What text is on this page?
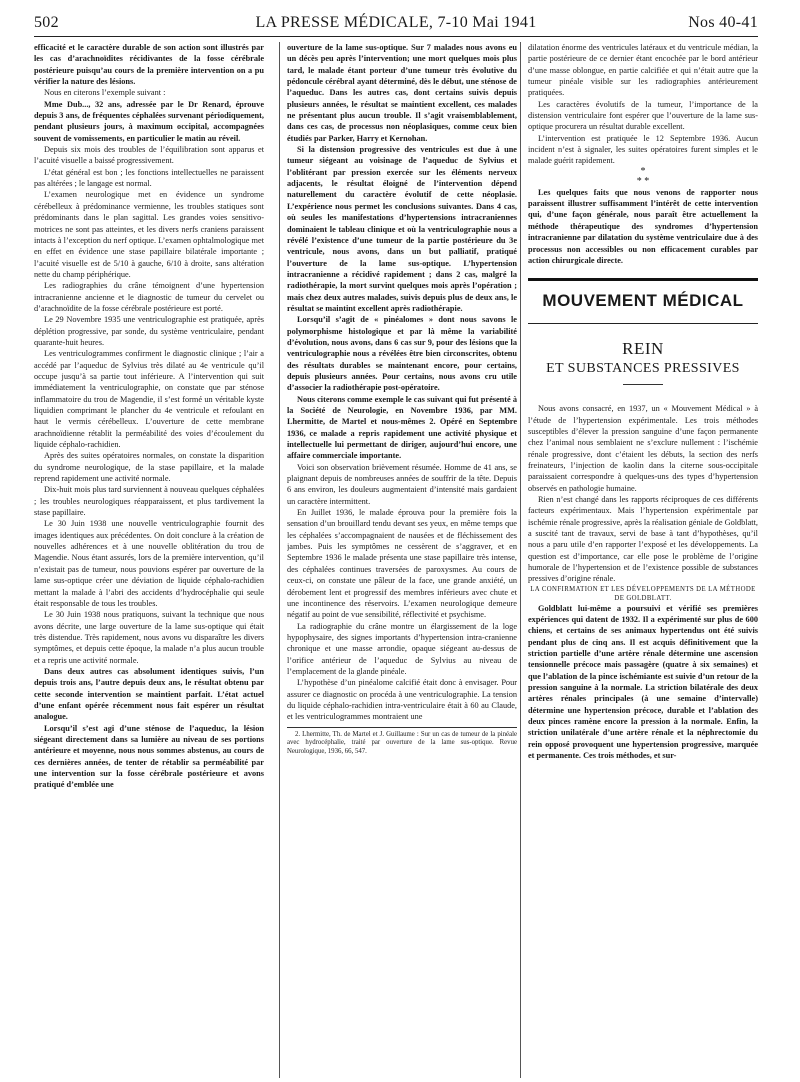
502	LA PRESSE MÉDICALE, 7-10 Mai 1941	Nos 40-41

efficacité et le caractère durable de son action sont illustrés par les cas d’arachnoïdites récidivantes de la fosse cérébrale postérieure puisqu’au cours de la première intervention on a pu vérifier la nature des lésions.

Nous en citerons l’exemple suivant :

Mme Dub..., 32 ans, adressée par le Dr Renard, éprouve depuis 3 ans, de fréquentes céphalées survenant périodiquement, pendant plusieurs jours, à maximum occipital, accompagnées souvent de vomissements, en particulier le matin au réveil.

Depuis six mois des troubles de l’équilibration sont apparus et l’acuité visuelle a baissé progressivement.

L’état général est bon ; les fonctions intellectuelles ne paraissent pas altérées ; le langage est normal.

L’examen neurologique met en évidence un syndrome cérébelleux à prédominance vermienne, les troubles statiques sont prédominants dans le plan sagittal. Les grandes voies sensitivo-motrices ne sont pas atteintes, et les divers nerfs craniens paraissent intacts à l’exception du nerf optique. L’examen ophtalmologique met en effet en évidence une stase papillaire bilatérale importante ; l’acuité visuelle est de 5/10 à gauche, 6/10 à droite, sans altération nette du champ périphérique.

Les radiographies du crâne témoignent d’une hypertension intracranienne ancienne et le diagnostic de tumeur du cervelet ou d’arachnoïdite de la fosse cérébrale postérieure est porté.

Le 29 Novembre 1935 une ventriculographie est pratiquée, après déplétion progressive, par sonde, du système ventriculaire, pendant quarante-huit heures.

Les ventriculogrammes confirment le diagnostic clinique ; l’air a accédé par l’aqueduc de Sylvius très dilaté au 4e ventricule qu’il occupe jusqu’à sa partie tout inférieure. A l’intervention qui suit immédiatement la ventriculographie, on constate que par sténose inflammatoire du trou de Magendie, il s’est formé un véritable kyste liquidien comprimant le plancher du 4e ventricule et refoulant en haut le vermis cérébelleux. L’ouverture de cette membrane arachnoïdienne rétablit la perméabilité des voies d’écoulement du liquide céphalo-rachidien.

Après des suites opératoires normales, on constate la disparition du syndrome neurologique, de la stase papillaire, et la malade reprend rapidement une activité normale.

Dix-huit mois plus tard surviennent à nouveau quelques céphalées ; les troubles neurologiques réapparaissent, et plus tardivement la stase papillaire.

Le 30 Juin 1938 une nouvelle ventriculographie fournit des images identiques aux précédentes. On doit conclure à la création de nouvelles adhérences et à une nouvelle oblitération du trou de Magendie. Nous étant assurés, lors de la première intervention, qu’il n’existait pas de tumeur, nous pouvions espérer par ouverture de la lame sus-optique créer une déviation de liquide céphalo-rachidien mettant la malade à l’abri des accidents d’hydrocéphalie qui seule était responsable de tous les troubles.

Le 30 Juin 1938 nous pratiquons, suivant la technique que nous avons décrite, une large ouverture de la lame sus-optique qui était très distendue. Très rapidement, nous avons vu disparaître les divers symptômes, et depuis cette époque, la malade n’a plus aucun trouble et a repris une activité normale.

Dans deux autres cas absolument identiques suivis, l’un depuis trois ans, l’autre depuis deux ans, le résultat obtenu par cette seconde intervention se maintient parfait. L’état actuel d’une enfant opérée récemment nous fait espérer un résultat analogue.

Lorsqu’il s’est agi d’une sténose de l’aqueduc, la lésion siégeant directement dans sa lumière au niveau de ses portions antérieure et moyenne, nous nous sommes abstenus, au cours de ces dernières années, de tenter de rétablir sa perméabilité par une intervention sur la fosse cérébrale postérieure et avons pratiqué d’emblée une

ouverture de la lame sus-optique. Sur 7 malades nous avons eu un décès peu après l’intervention; une mort quelques mois plus tard, le malade étant porteur d’une tumeur très évolutive du pédoncule cérébral ayant déterminé, dès le début, une sténose de l’aqueduc. Dans les autres cas, dont certains suivis depuis plusieurs années, le résultat se maintient excellent, ces malades ne présentant plus aucun trouble. Il s’agit vraisemblablement, dans ces cas, de processus non néoplasiques, comme ceux bien étudiés par Parker, Harry et Kernohan.

Si la distension progressive des ventricules est due à une tumeur siégeant au voisinage de l’aqueduc de Sylvius et l’oblitérant par pression exercée sur les éléments nerveux adjacents, le résultat éloigné de l’intervention dépend naturellement du caractère évolutif de cette néoplasie. L’expérience nous permet les conclusions suivantes. Dans 4 cas, où seules les manifestations d’hypertensions intracraniennes dominaient le tableau clinique et où la ventriculographie nous a révélé l’existence d’une tumeur de la partie postérieure du 3e ventricule, nous avons, dans un but palliatif, pratiqué l’ouverture de la lame sus-optique. L’hypertension intracranienne a récidivé rapidement ; dans 2 cas, malgré la radiothérapie, la mort survint quelques mois après l’opération ; mais chez deux autres malades, suivis depuis plus de deux ans, le résultat se maintint excellent après radiothérapie.

Lorsqu’il s’agit de « pinéalomes » dont nous savons le polymorphisme histologique et par là même la variabilité d’évolution, nous avons, dans 6 cas sur 9, pour des lésions que la ventriculographie nous a révélées être bien circonscrites, obtenu des résultats durables se maintenant encore, pour certains, depuis plusieurs années. Pour certains, nous avons cru utile d’associer la radiothérapie post-opératoire.

Nous citerons comme exemple le cas suivant qui fut présenté à la Société de Neurologie, en Novembre 1936, par MM. Lhermitte, de Martel et nous-mêmes 2. Opéré en Septembre 1936, ce malade a repris rapidement une activité physique et intellectuelle lui permettant de diriger, aujourd’hui encore, une affaire commerciale importante.

Voici son observation brièvement résumée. Homme de 41 ans, se plaignant depuis de nombreuses années de souffrir de la tête. Depuis 6 ans environ, les douleurs augmentaient d’intensité mais gardaient un caractère intermittent.

En Juillet 1936, le malade éprouva pour la première fois la sensation d’un brouillard tendu devant ses yeux, en même temps que les céphalées s’accompagnaient de nausées et de fléchissement des jambes. Puis les symptômes ne cessèrent de s’aggraver, et en Septembre 1936 le malade présenta une stase papillaire très intense, des céphalées continues traversées de paroxysmes. Au cours de ceux-ci, on constate une pâleur de la face, une grande anxiété, un dérobement lent et progressif des membres inférieurs avec chute et une incontinence des réservoirs. L’examen neurologique demeure négatif au point de vue sensibilité, réflectivité et psychisme.

La radiographie du crâne montre un élargissement de la loge hypophysaire, des signes importants d’hypertension intra-cranienne chronique et une masse arrondie, opaque siégeant au-dessus de l’orifice antérieur de l’aqueduc de Sylvius au niveau de l’emplacement de la glande pinéale.

L’hypothèse d’un pinéalome calcifié était donc à envisager. Pour assurer ce diagnostic on procéda à une ventriculographie. La tension du liquide céphalo-rachidien intra-ventriculaire était à 60 au Claude, et les ventriculogrammes montraient une

2. Lhermitte, Th. de Martel et J. Guillaume : Sur un cas de tumeur de la pinéale avec hydrocéphalie, traité par ouverture de la lame sus-optique. Revue Neurologique, 1936, 66, 547.

dilatation énorme des ventricules latéraux et du ventricule médian, la partie postérieure de ce dernier étant encochée par le bord antérieur d’une masse oblongue, en partie calcifiée et qui n’était autre que la tumeur pinéale visible sur les radiographies antérieurement pratiquées.

Les caractères évolutifs de la tumeur, l’importance de la distension ventriculaire font espérer que l’ouverture de la lame sus-optique procurera un résultat durable excellent.

L’intervention est pratiquée le 12 Septembre 1936. Aucun incident n’est à signaler, les suites opératoires furent simples et le malade guérit rapidement.

*
* *

Les quelques faits que nous venons de rapporter nous paraissent illustrer suffisamment l’intérêt de cette intervention qui, d’une façon générale, nous paraît être actuellement la méthode thérapeutique des syndromes d’hypertension intracranienne par dilatation du système ventriculaire due à des processus non accessibles ou non efficacement curables par action chirurgicale directe.

MOUVEMENT MÉDICAL
REIN
ET SUBSTANCES PRESSIVES

Nous avons consacré, en 1937, un « Mouvement Médical » à l’étude de l’hypertension expérimentale. Les trois méthodes susceptibles d’élever la pression sanguine d’une façon permanente chez l’animal nous semblaient ne s’exclure nullement : l’ischémie rénale progressive, dont c’étaient les débuts, la section des nerfs freinateurs, l’injection de kaolin dans la citerne sous-occipitale paraissaient correspondre à quelques-uns des types d’hypertension observés en pathologie humaine.

Rien n’est changé dans les rapports réciproques de ces différents facteurs expérimentaux. Mais l’hypertension expérimentale par ischémie rénale progressive, après la réalisation géniale de Goldblatt, a suscité tant de travaux, servi de base à tant d’hypothèses, qu’il nous a paru utile d’en rapporter l’exposé et les développements. La question est d’importance, car elle pose le problème de l’origine humorale de l’hypertension et de l’existence possible de substances pressives d’origine rénale.

LA CONFIRMATION ET LES DÉVELOPPEMENTS DE LA MÉTHODE DE GOLDBLATT.

Goldblatt lui-même a poursuivi et vérifié ses premières expériences qui datent de 1932. Il a expérimenté sur plus de 600 chiens, et certains de ses animaux hypertendus ont été suivis pendant plus de cinq ans. Il est acquis définitivement que la striction partielle d’une artère rénale détermine une ascension tensionnelle précoce mais passagère (quatre à six semaines) et que l’ablation de la pince ischémiante est suivie d’un retour de la pression sanguine à la normale. La striction bilatérale des deux artères rénales principales (à une semaine d’intervalle) détermine une hypertension précoce, durable et l’ablation des deux pinces ramène encore la pression à la normale. Enfin, la striction unilatérale d’une artère rénale et la néphrectomie du rein opposé provoquent une hypertension progressive, marquée et permanente. Ces trois méthodes, et sur-
